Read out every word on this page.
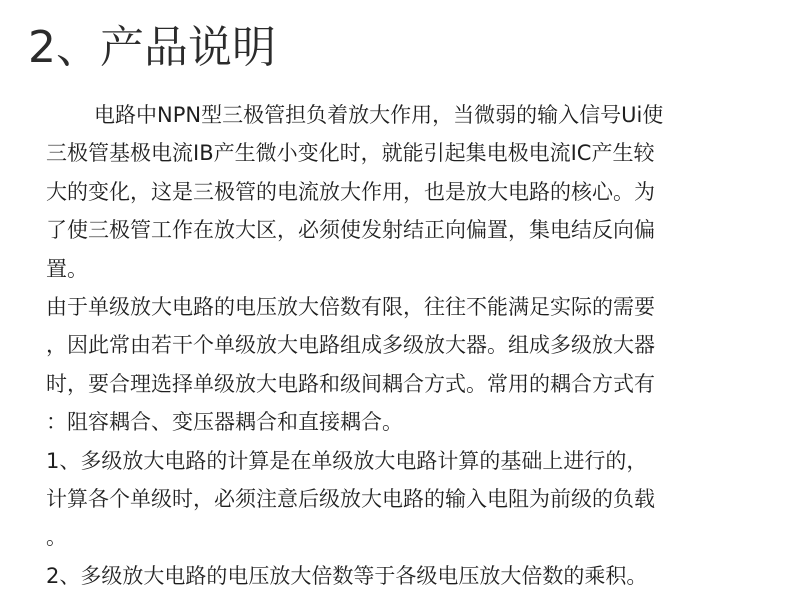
2、产品说明
电路中NPN型三极管担负着放大作用，当微弱的输入信号Ui使
三极管基极电流IB产生微小变化时，就能引起集电极电流IC产生较
大的变化，这是三极管的电流放大作用，也是放大电路的核心。为
了使三极管工作在放大区，必须使发射结正向偏置，集电结反向偏
置。
由于单级放大电路的电压放大倍数有限，往往不能满足实际的需要
，因此常由若干个单级放大电路组成多级放大器。组成多级放大器
时，要合理选择单级放大电路和级间耦合方式。常用的耦合方式有
：阻容耦合、变压器耦合和直接耦合。
1、多级放大电路的计算是在单级放大电路计算的基础上进行的，
计算各个单级时，必须注意后级放大电路的输入电阻为前级的负载
。
2、多级放大电路的电压放大倍数等于各级电压放大倍数的乘积。
